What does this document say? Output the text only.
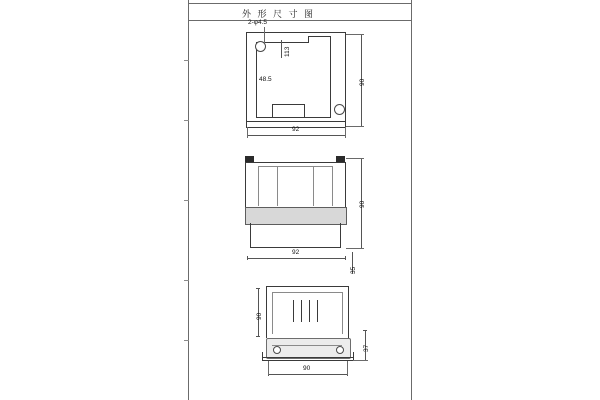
外 形 尺 寸 图
2-φ4.5
113
48.5	90
92
90
92
35
90
37
90
